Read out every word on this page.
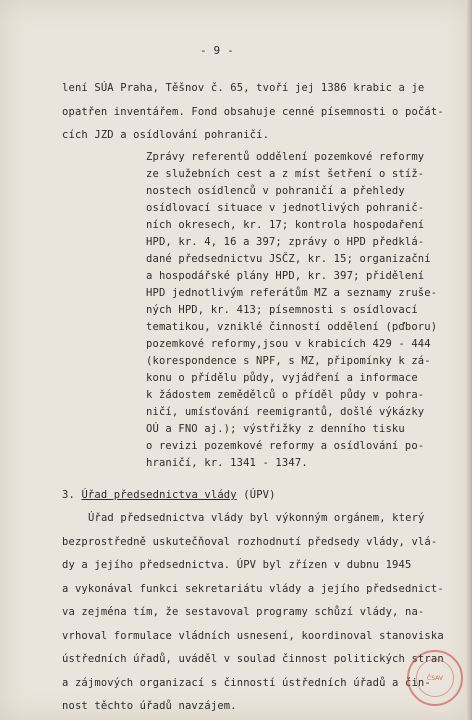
- 9 -

lení SÚA Praha, Těšnov č. 65, tvoří jej 1386 krabic a je

opatřen inventářem. Fond obsahuje cenné písemnosti o počát-

cích JZD a osídlování pohraničí.

Zprávy referentů oddělení pozemkové reformy

ze služebních cest a z míst šetření o stíž-

nostech osídlenců v pohraničí a přehledy

osídlovací situace v jednotlivých pohranič-

ních okresech, kr. 17; kontrola hospodaření

HPD, kr. 4, 16 a 397; zprávy o HPD předklá-

dané předsednictvu JSČZ, kr. 15; organizační

a hospodářské plány HPD, kr. 397; přidělení

HPD jednotlivým referátům MZ a seznamy zruše-

ných HPD, kr. 413; písemnosti s osídlovací

tematikou, vzniklé činností oddělení (pďboru)

pozemkové reformy,jsou v krabicích 429 - 444

(korespondence s NPF, s MZ, připomínky k zá-

konu o přídělu půdy, vyjádření a informace

k žádostem zemědělců o příděl půdy v pohra-

ničí, umísťování reemigrantů, došlé výkázky

OÚ a FNO aj.); výstřižky z denního tisku

o revizi pozemkové reformy a osídlování po-

hraničí, kr. 1341 - 1347.

3. Úřad předsednictva vlády (ÚPV)

Úřad předsednictva vlády byl výkonným orgánem, který

bezprostředně uskutečňoval rozhodnutí předsedy vlády, vlá-

dy a jejího předsednictva. ÚPV byl zřízen v dubnu 1945

a vykonával funkci sekretariátu vlády a jejího předsednict-

va zejména tím, že sestavoval programy schůzí vlády, na-

vrhoval formulace vládních usnesení, koordinoval stanoviska

ústředních úřadů, uváděl v soulad činnost politických stran

a zájmových organizací s činností ústředních úřadů a čin-

nost těchto úřadů navzájem.

ČSAV
